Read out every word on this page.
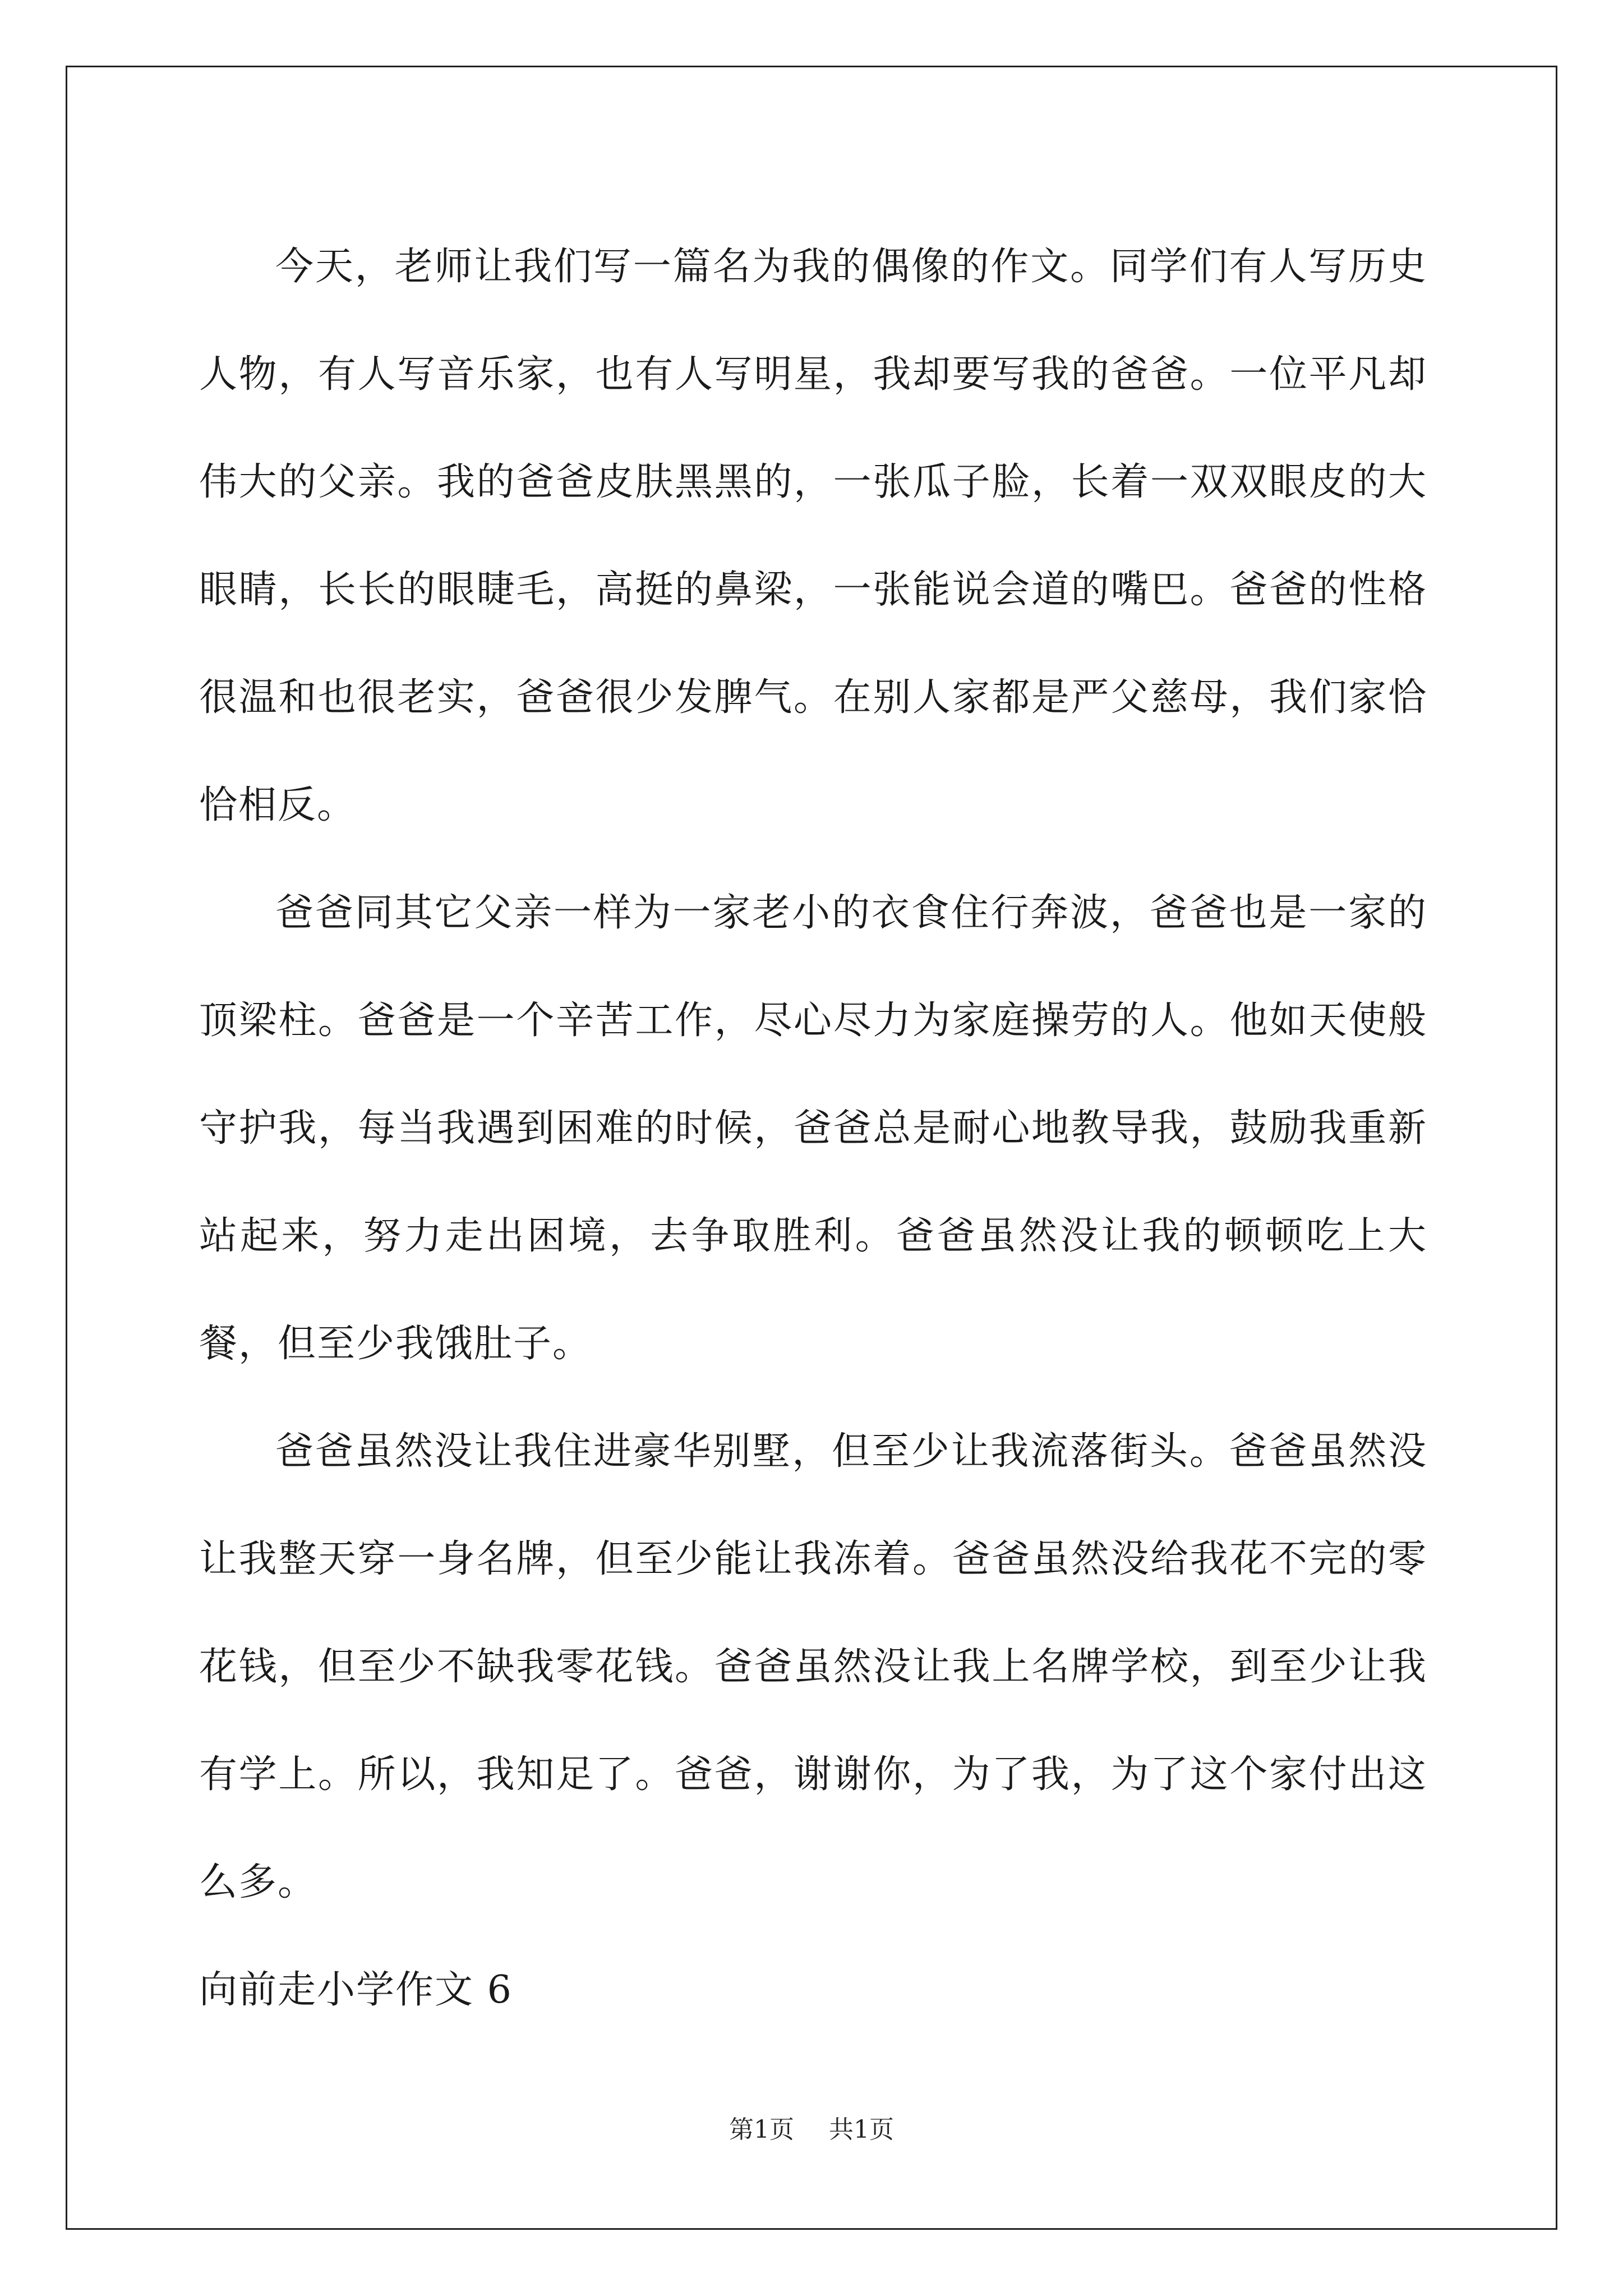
今天，老师让我们写一篇名为我的偶像的作文。同学们有人写历史人物，有人写音乐家，也有人写明星，我却要写我的爸爸。一位平凡却伟大的父亲。我的爸爸皮肤黑黑的，一张瓜子脸，长着一双双眼皮的大眼睛，长长的眼睫毛，高挺的鼻梁，一张能说会道的嘴巴。爸爸的性格很温和也很老实，爸爸很少发脾气。在别人家都是严父慈母，我们家恰恰相反。

爸爸同其它父亲一样为一家老小的衣食住行奔波，爸爸也是一家的顶梁柱。爸爸是一个辛苦工作，尽心尽力为家庭操劳的人。他如天使般守护我，每当我遇到困难的时候，爸爸总是耐心地教导我，鼓励我重新站起来，努力走出困境，去争取胜利。爸爸虽然没让我的顿顿吃上大餐，但至少我饿肚子。

爸爸虽然没让我住进豪华别墅，但至少让我流落街头。爸爸虽然没让我整天穿一身名牌，但至少能让我冻着。爸爸虽然没给我花不完的零花钱，但至少不缺我零花钱。爸爸虽然没让我上名牌学校，到至少让我有学上。所以，我知足了。爸爸，谢谢你，为了我，为了这个家付出这么多。

向前走小学作文 6

第1页 共1页
